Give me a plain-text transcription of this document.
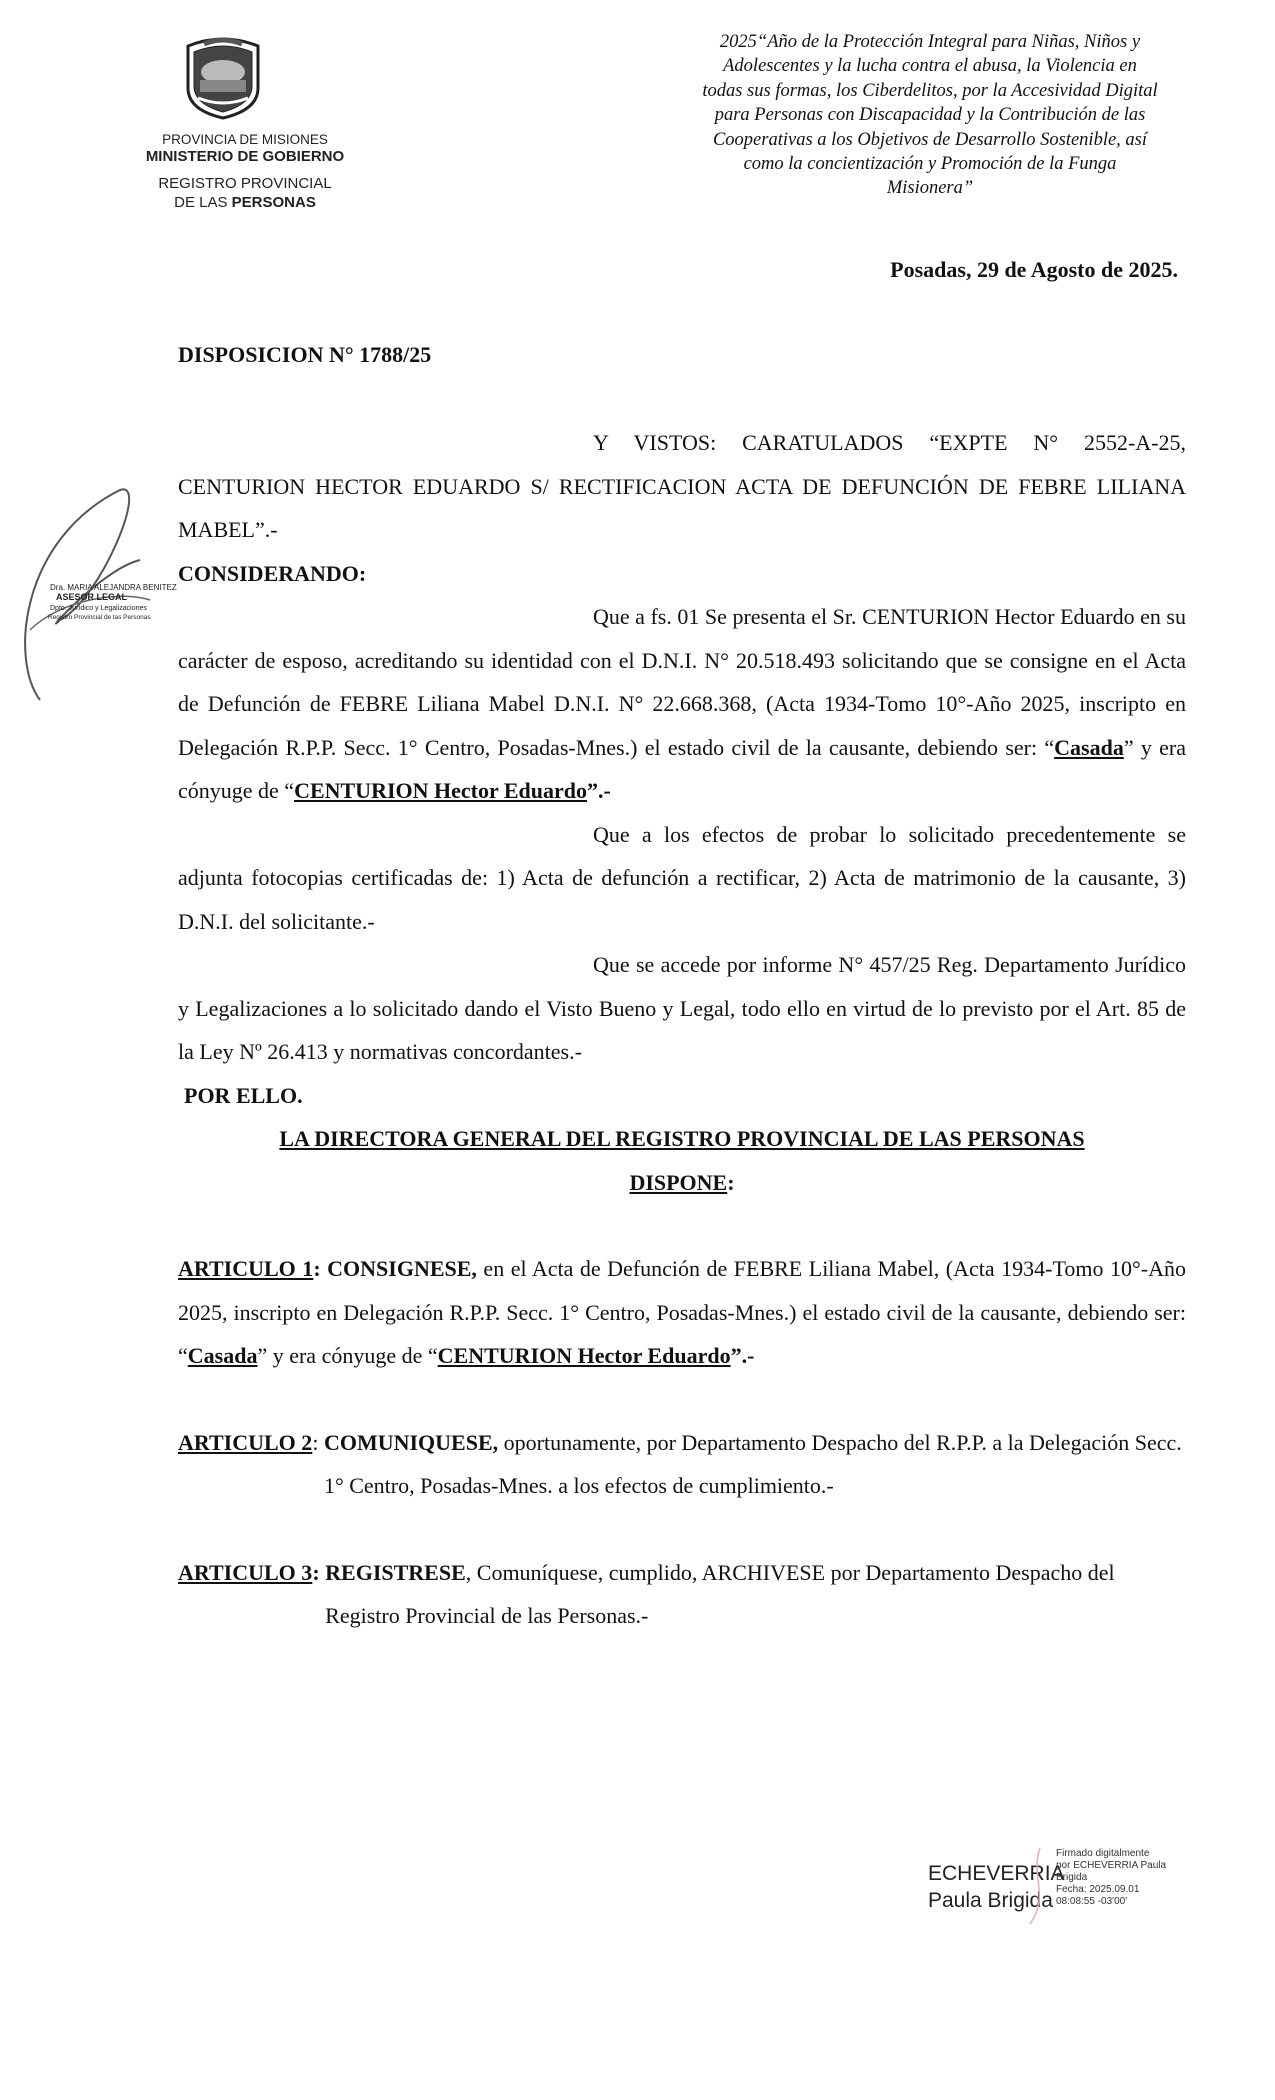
PROVINCIA DE MISIONES
MINISTERIO DE GOBIERNO
REGISTRO PROVINCIAL
DE LAS PERSONAS
2025“Año de la Protección Integral para Niñas, Niños y
Adolescentes y la lucha contra el abusa, la Violencia en
todas sus formas, los Ciberdelitos, por la Accesividad Digital
para Personas con Discapacidad y la Contribución de las
Cooperativas a los Objetivos de Desarrollo Sostenible, así
como la concientización y Promoción de la Funga
Misionera”
Posadas, 29 de Agosto de 2025.
DISPOSICION N° 1788/25
Dra. MARIA ALEJANDRA BENITEZ
ASESOR LEGAL
Dpto. Jurídico y Legalizaciones
Registro Provincial de las Personas

Y VISTOS: CARATULADOS “EXPTE N° 2552-A-25, CENTURION HECTOR EDUARDO S/ RECTIFICACION ACTA DE DEFUNCIÓN DE FEBRE LILIANA MABEL”.-

CONSIDERANDO:

Que a fs. 01 Se presenta el Sr. CENTURION Hector Eduardo en su carácter de esposo, acreditando su identidad con el D.N.I. N° 20.518.493 solicitando que se consigne en el Acta de Defunción de FEBRE Liliana Mabel D.N.I. N° 22.668.368, (Acta 1934-Tomo 10°-Año 2025, inscripto en Delegación R.P.P. Secc. 1° Centro, Posadas-Mnes.) el estado civil de la causante, debiendo ser: “Casada” y era cónyuge de “CENTURION Hector Eduardo”.-

Que a los efectos de probar lo solicitado precedentemente se adjunta fotocopias certificadas de: 1) Acta de defunción a rectificar, 2) Acta de matrimonio de la causante, 3) D.N.I. del solicitante.-

Que se accede por informe N° 457/25 Reg. Departamento Jurídico y Legalizaciones a lo solicitado dando el Visto Bueno y Legal, todo ello en virtud de lo previsto por el Art. 85 de la Ley Nº 26.413 y normativas concordantes.-

POR ELLO.

LA DIRECTORA GENERAL DEL REGISTRO PROVINCIAL DE LAS PERSONAS

DISPONE:

ARTICULO 1: CONSIGNESE, en el Acta de Defunción de FEBRE Liliana Mabel, (Acta 1934-Tomo 10°-Año 2025, inscripto en Delegación R.P.P. Secc. 1° Centro, Posadas-Mnes.) el estado civil de la causante, debiendo ser: “Casada” y era cónyuge de “CENTURION Hector Eduardo”.-

ARTICULO 2: COMUNIQUESE, oportunamente, por Departamento Despacho del R.P.P. a la Delegación Secc. 1° Centro, Posadas-Mnes. a los efectos de cumplimiento.-
ARTICULO 3: REGISTRESE, Comuníquese, cumplido, ARCHIVESE por Departamento Despacho del Registro Provincial de las Personas.-
ECHEVERRIA
Paula Brigida
Firmado digitalmente
por ECHEVERRIA Paula
Brigida
Fecha: 2025.09.01
08:08:55 -03'00'
